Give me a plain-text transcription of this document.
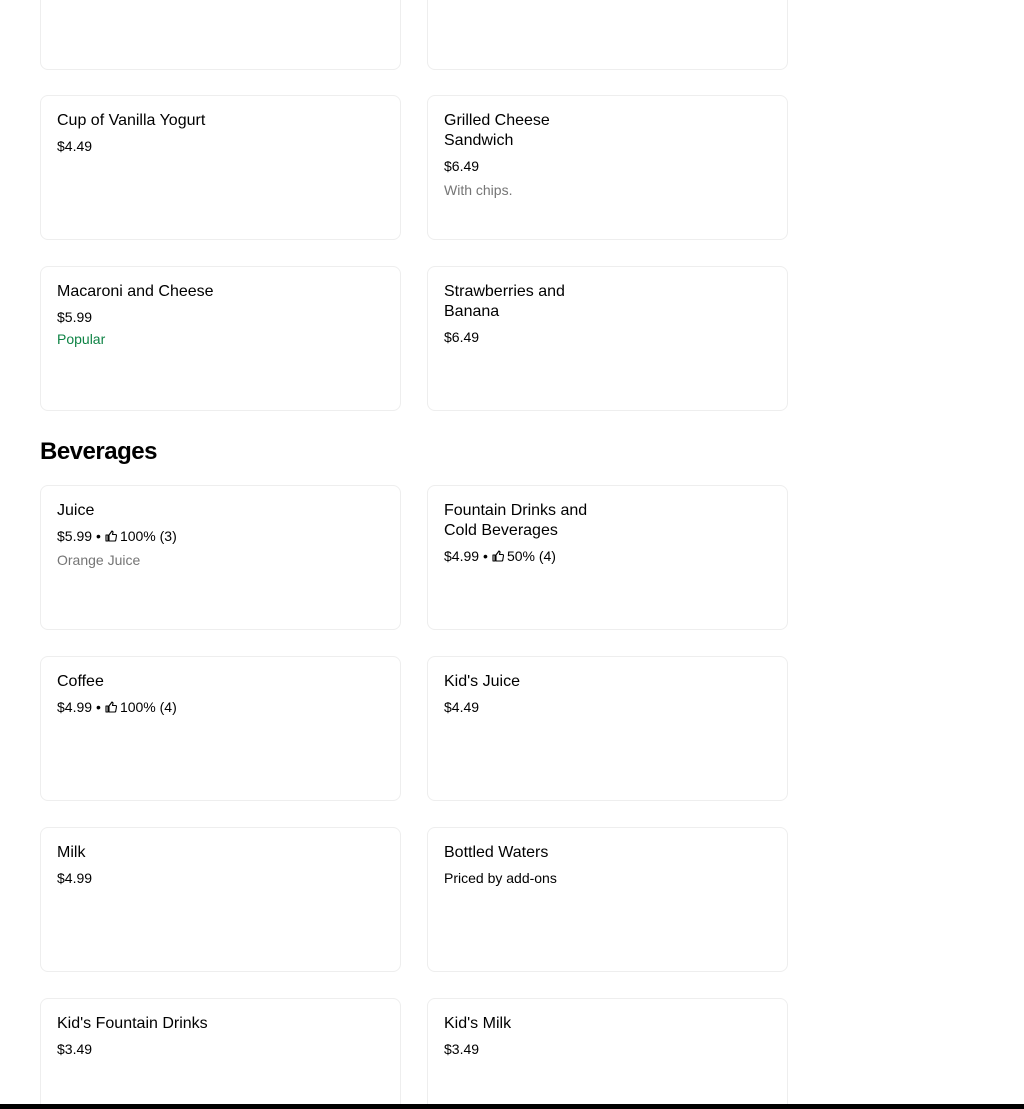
Cup of Vanilla Yogurt
$4.49
Grilled Cheese Sandwich
$6.49
With chips.
Macaroni and Cheese
$5.99
Popular
Strawberries and Banana
$6.49
Beverages
Juice
$5.99 • 100% (3)
Orange Juice
Fountain Drinks and Cold Beverages
$4.99 • 50% (4)
Coffee
$4.99 • 100% (4)
Kid's Juice
$4.49
Milk
$4.99
Bottled Waters
Priced by add-ons
Kid's Fountain Drinks
$3.49
Kid's Milk
$3.49
